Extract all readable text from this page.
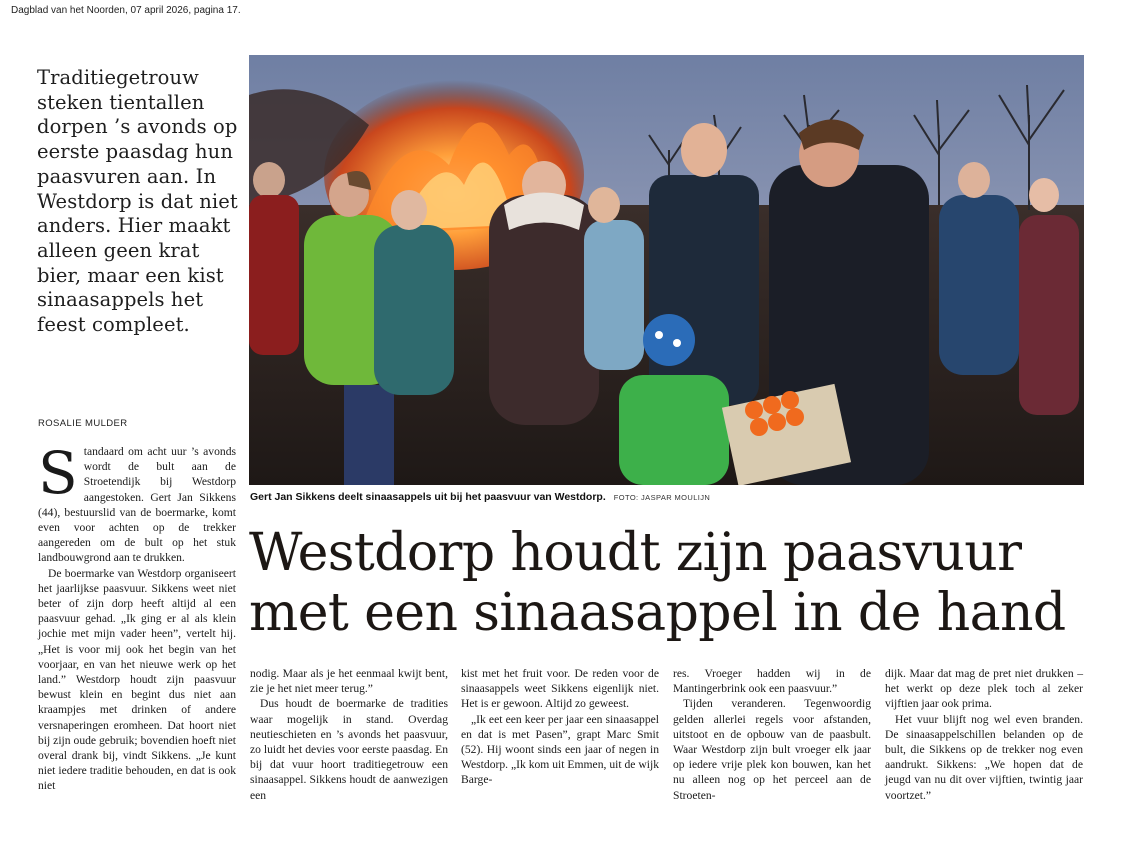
Dagblad van het Noorden, 07 april 2026, pagina 17.
Traditiegetrouw steken tientallen dorpen ’s avonds op eerste paasdag hun paasvuren aan. In Westdorp is dat niet anders. Hier maakt alleen geen krat bier, maar een kist sinaasappels het feest compleet.
ROSALIE MULDER

Standaard om acht uur ’s avonds wordt de bult aan de Stroetendijk bij Westdorp aangestoken. Gert Jan Sikkens (44), bestuurslid van de boermarke, komt even voor achten op de trekker aangereden om de bult op het stuk landbouwgrond aan te drukken.

De boermarke van Westdorp organiseert het jaarlijkse paasvuur. Sikkens weet niet beter of zijn dorp heeft altijd al een paasvuur gehad. „Ik ging er al als klein jochie met mijn vader heen”, vertelt hij. „Het is voor mij ook het begin van het voorjaar, en van het nieuwe werk op het land.” Westdorp houdt zijn paasvuur bewust klein en begint dus niet aan kraampjes met drinken of andere versnaperingen eromheen. Dat hoort niet bij zijn oude gebruik; bovendien hoeft niet overal drank bij, vindt Sikkens. „Je kunt niet iedere traditie behouden, en dat is ook niet

Gert Jan Sikkens deelt sinaasappels uit bij het paasvuur van Westdorp. FOTO: JASPAR MOULIJN
Westdorp houdt zijn paasvuur met een sinaasappel in de hand

nodig. Maar als je het eenmaal kwijt bent, zie je het niet meer terug.”

Dus houdt de boermarke de tradities waar mogelijk in stand. Overdag neutieschieten en ’s avonds het paasvuur, zo luidt het devies voor eerste paasdag. En bij dat vuur hoort traditiegetrouw een sinaasappel. Sikkens houdt de aanwezigen een

kist met het fruit voor. De reden voor de sinaasappels weet Sikkens eigenlijk niet. Het is er gewoon. Altijd zo geweest.

„Ik eet een keer per jaar een sinaasappel en dat is met Pasen”, grapt Marc Smit (52). Hij woont sinds een jaar of negen in Westdorp. „Ik kom uit Emmen, uit de wijk Barge-

res. Vroeger hadden wij in de Mantingerbrink ook een paasvuur.”

Tijden veranderen. Tegenwoordig gelden allerlei regels voor afstanden, uitstoot en de opbouw van de paasbult. Waar Westdorp zijn bult vroeger elk jaar op iedere vrije plek kon bouwen, kan het nu alleen nog op het perceel aan de Stroeten-

dijk. Maar dat mag de pret niet drukken – het werkt op deze plek toch al zeker vijftien jaar ook prima.

Het vuur blijft nog wel even branden. De sinaasappelschillen belanden op de bult, die Sikkens op de trekker nog even aandrukt. Sikkens: „We hopen dat de jeugd van nu dit over vijftien, twintig jaar voortzet.”
